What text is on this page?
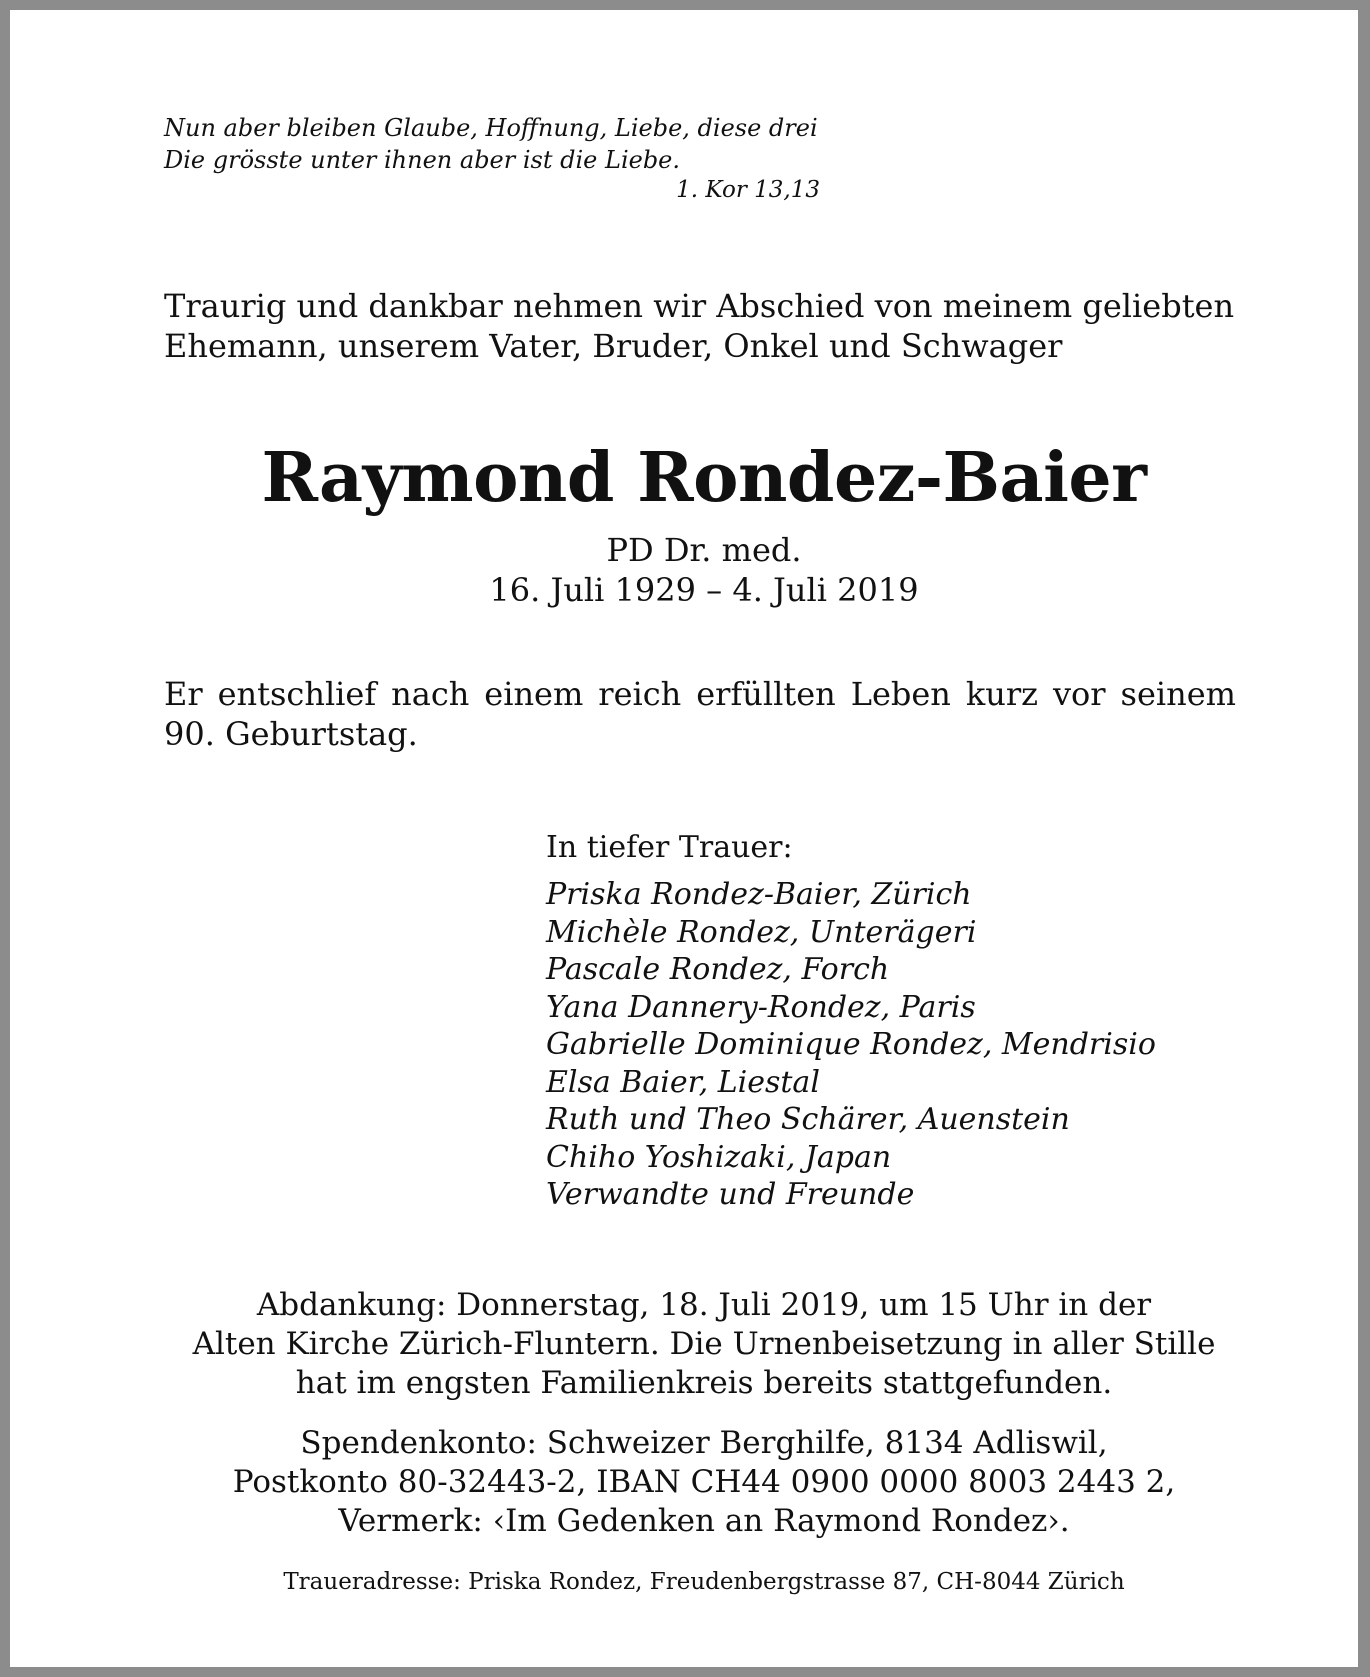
Nun aber bleiben Glaube, Hoffnung, Liebe, diese drei
Die grösste unter ihnen aber ist die Liebe.
1. Kor 13,13
Traurig und dankbar nehmen wir Abschied von meinem geliebten
Ehemann, unserem Vater, Bruder, Onkel und Schwager
Raymond Rondez-Baier
PD Dr. med.
16. Juli 1929 – 4. Juli 2019

Er entschlief nach einem reich erfüllten Leben kurz vor seinem 90. Geburtstag.

In tiefer Trauer:
Priska Rondez-Baier, Zürich
Michèle Rondez, Unterägeri
Pascale Rondez, Forch
Yana Dannery-Rondez, Paris
Gabrielle Dominique Rondez, Mendrisio
Elsa Baier, Liestal
Ruth und Theo Schärer, Auenstein
Chiho Yoshizaki, Japan
Verwandte und Freunde
Abdankung: Donnerstag, 18. Juli 2019, um 15 Uhr in der
Alten Kirche Zürich-Fluntern. Die Urnenbeisetzung in aller Stille
hat im engsten Familienkreis bereits stattgefunden.
Spendenkonto: Schweizer Berghilfe, 8134 Adliswil,
Postkonto 80-32443-2, IBAN CH44 0900 0000 8003 2443 2,
Vermerk: ‹Im Gedenken an Raymond Rondez›.
Traueradresse: Priska Rondez, Freudenbergstrasse 87, CH-8044 Zürich
